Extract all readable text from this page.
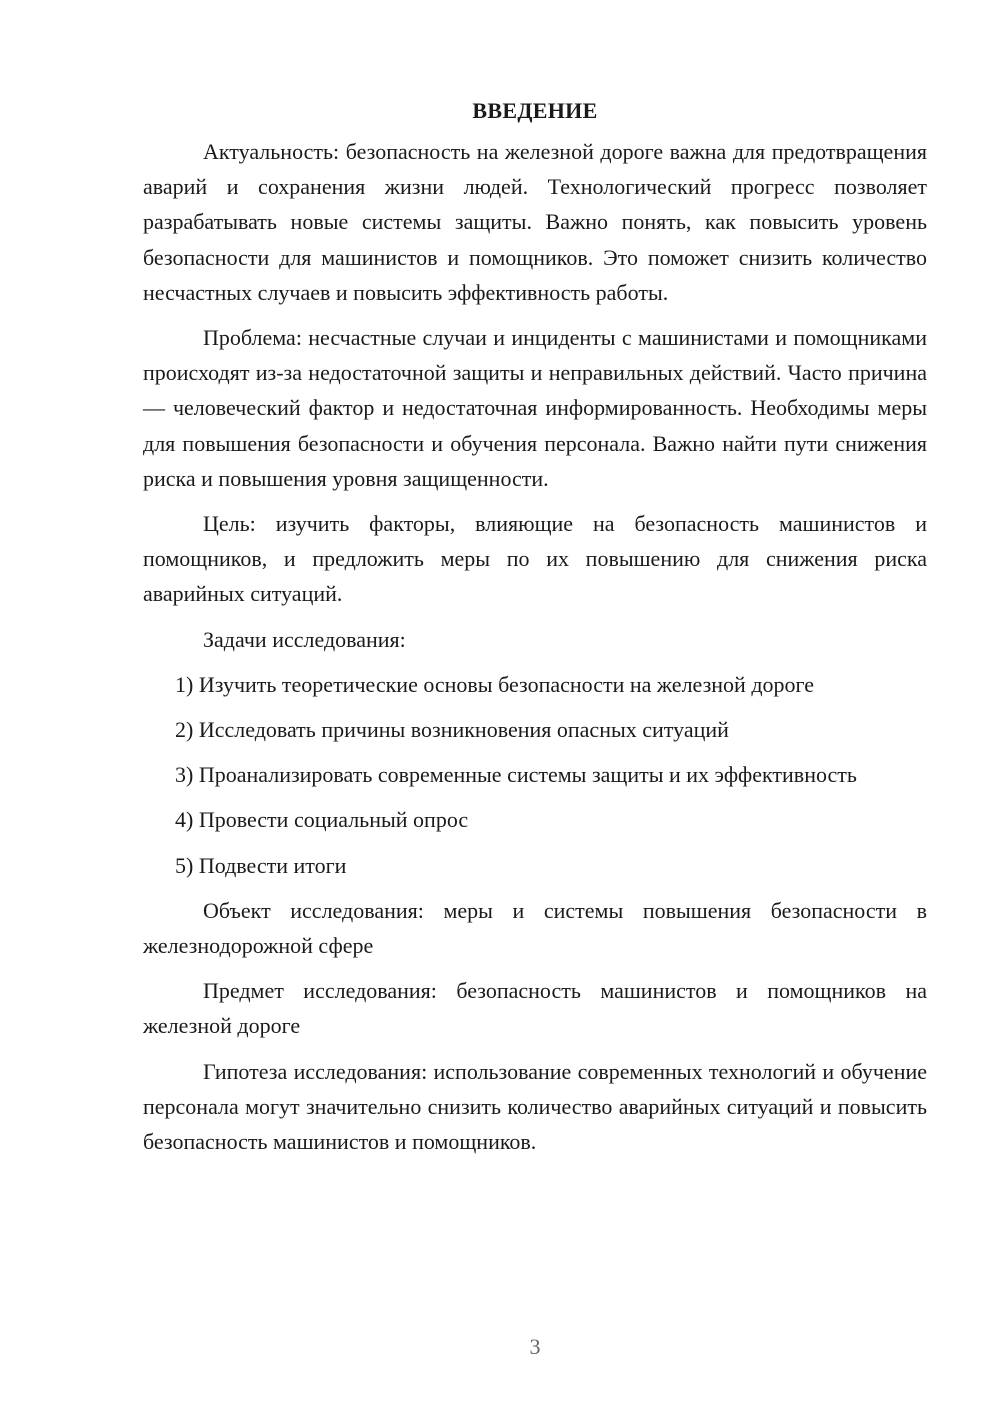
ВВЕДЕНИЕ

Актуальность: безопасность на железной дороге важна для предотвращения аварий и сохранения жизни людей. Технологический прогресс позволяет разрабатывать новые системы защиты. Важно понять, как повысить уровень безопасности для машинистов и помощников. Это поможет снизить количество несчастных случаев и повысить эффективность работы.

Проблема: несчастные случаи и инциденты с машинистами и помощниками происходят из-за недостаточной защиты и неправильных действий. Часто причина — человеческий фактор и недостаточная информированность. Необходимы меры для повышения безопасности и обучения персонала. Важно найти пути снижения риска и повышения уровня защищенности.

Цель: изучить факторы, влияющие на безопасность машинистов и помощников, и предложить меры по их повышению для снижения риска аварийных ситуаций.

Задачи исследования:

1) Изучить теоретические основы безопасности на железной дороге

2) Исследовать причины возникновения опасных ситуаций

3) Проанализировать современные системы защиты и их эффективность

4) Провести социальный опрос

5) Подвести итоги

Объект исследования: меры и системы повышения безопасности в железнодорожной сфере

Предмет исследования: безопасность машинистов и помощников на железной дороге

Гипотеза исследования: использование современных технологий и обучение персонала могут значительно снизить количество аварийных ситуаций и повысить безопасность машинистов и помощников.

3
